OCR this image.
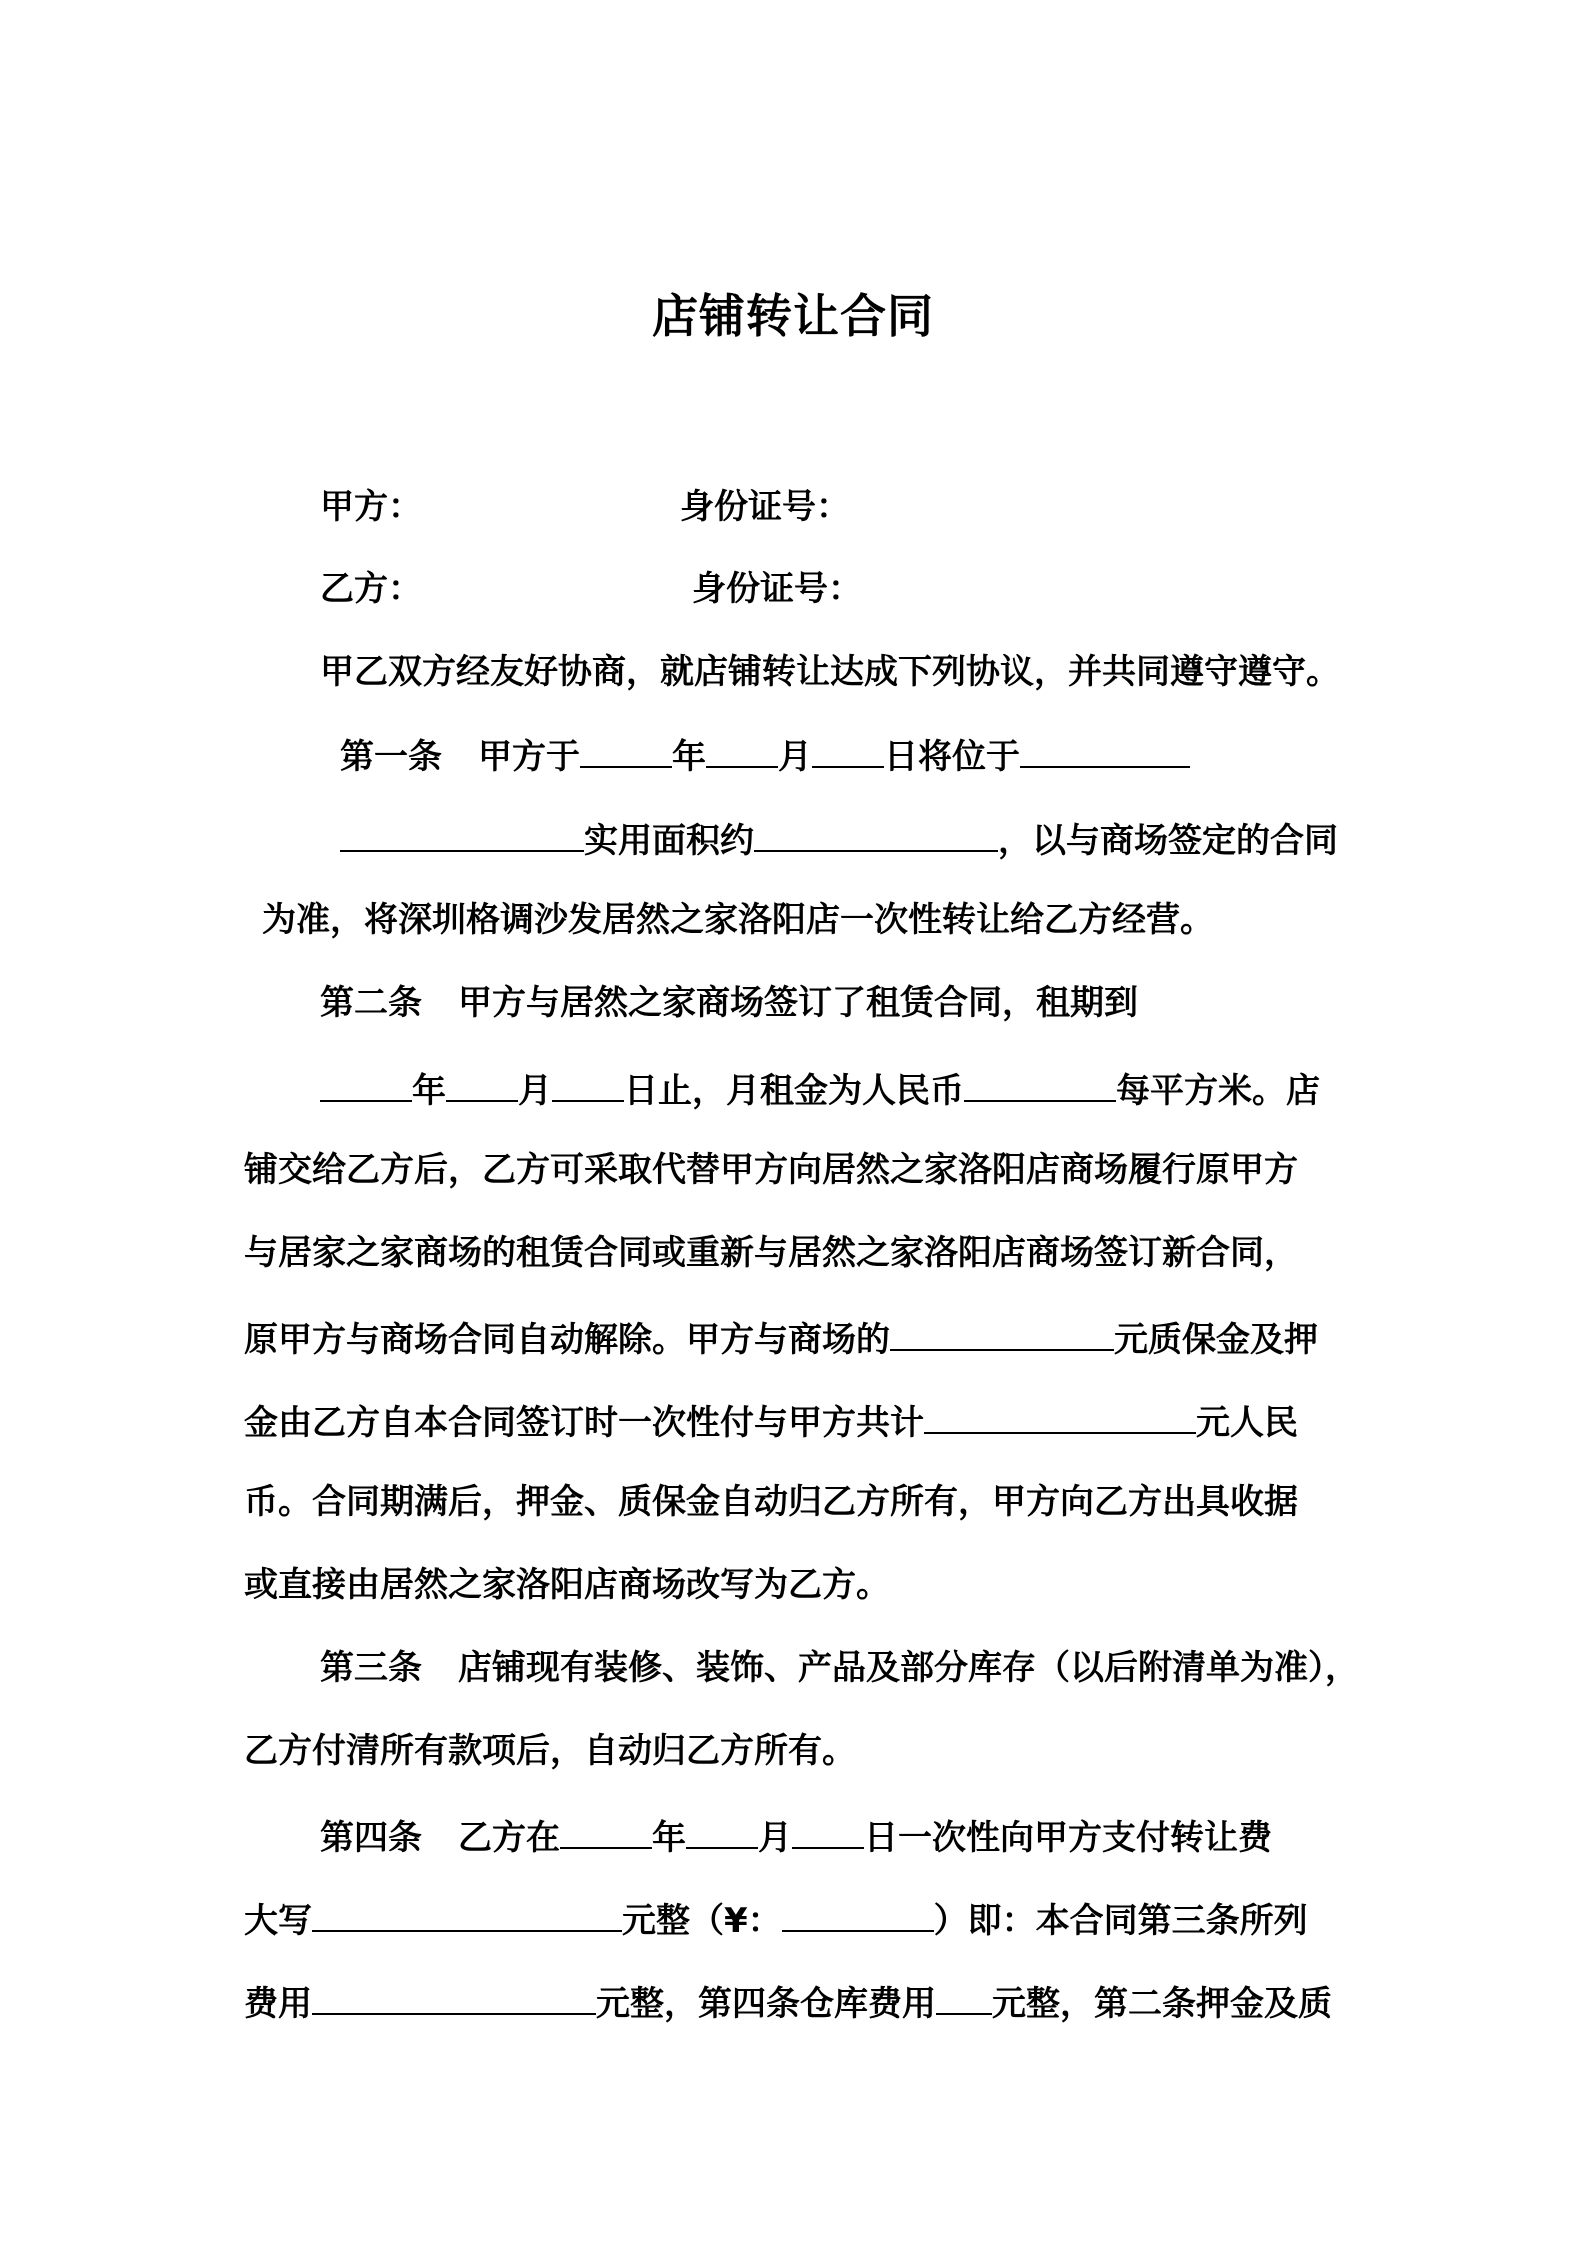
店铺转让合同
甲方：	身份证号：
乙方：	身份证号：
甲乙双方经友好协商，就店铺转让达成下列协议，并共同遵守遵守。
第一条 甲方于	年 月 日将位于
实用面积约	，以与商场签定的合同
为准，将深圳格调沙发居然之家洛阳店一次性转让给乙方经营。
第二条 甲方与居然之家商场签订了租赁合同，租期到
年 月 日止，月租金为人民币	每平方米。店
铺交给乙方后，乙方可采取代替甲方向居然之家洛阳店商场履行原甲方
与居家之家商场的租赁合同或重新与居然之家洛阳店商场签订新合同，
原甲方与商场合同自动解除。甲方与商场的	元质保金及押
金由乙方自本合同签订时一次性付与甲方共计	元人民
币。合同期满后，押金、质保金自动归乙方所有，甲方向乙方出具收据
或直接由居然之家洛阳店商场改写为乙方。
第三条 店铺现有装修、装饰、产品及部分库存（以后附清单为准），
乙方付清所有款项后，自动归乙方所有。
第四条 乙方在	年 月 日一次性向甲方支付转让费
大写	元整（¥：	）即：本合同第三条所列
费用	元整，第四条仓库费用 元整，第二条押金及质
